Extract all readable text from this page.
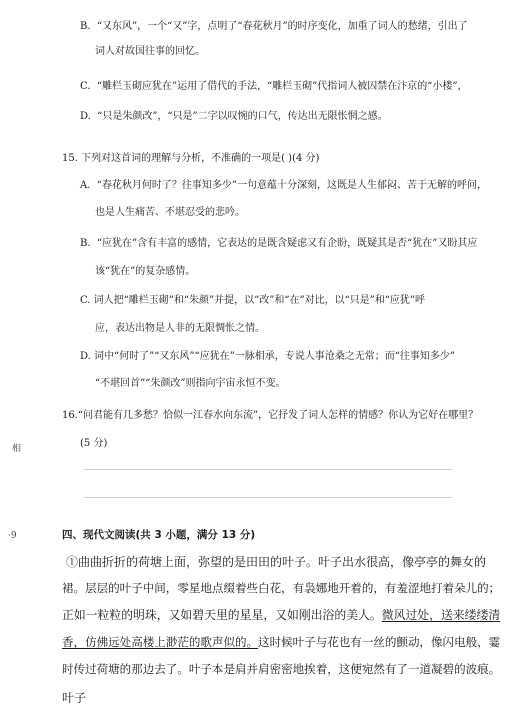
B. “又东风”，一个“又”字，点明了“春花秋月”的时序变化，加重了词人的愁绪，引出了
词人对故国往事的回忆。
C. “雕栏玉砌应犹在”运用了借代的手法，“雕栏玉砌”代指词人被囚禁在汴京的“小楼”，
D. “只是朱颜改”，“只是”二字以叹惋的口气，传达出无限怅惘之感。
15. 下列对这首词的理解与分析，不准确的一项是( )(4 分)
A. “春花秋月何时了？往事知多少”一句意蕴十分深刻，这既是人生郁闷、苦于无解的呼问，
也是人生痛苦、不堪忍受的悲吟。
B. “应犹在”含有丰富的感情，它表达的是既含疑虑又有企盼，既疑其是否“犹在”又盼其应
该“犹在”的复杂感情。
C. 词人把“雕栏玉砌”和“朱颜”并提，以“改”和“在”对比，以“只是”和“应犹”呼
应，表达出物是人非的无限惆怅之情。
D. 词中“何时了”“又东风”“应犹在”一脉相承，专说人事沧桑之无常；而“往事知多少”
“不堪回首”“朱颜改”则指向宇宙永恒不变。
16.“问君能有几多愁？恰似一江春水向东流”，它抒发了词人怎样的情感？你认为它好在哪里？
(5 分)
相
·9	四、现代文阅读(共 3 小题，满分 13 分)
①曲曲折折的荷塘上面，弥望的是田田的叶子。叶子出水很高，像亭亭的舞女的
裙。层层的叶子中间，零星地点缀着些白花，有袅娜地开着的，有羞涩地打着朵儿的；
正如一粒粒的明珠，又如碧天里的星星，又如刚出浴的美人。微风过处，送来缕缕清
香，仿佛远处高楼上渺茫的歌声似的。这时候叶子与花也有一丝的颤动，像闪电般，霎
时传过荷塘的那边去了。叶子本是肩并肩密密地挨着，这便宛然有了一道凝碧的波痕。
叶子
